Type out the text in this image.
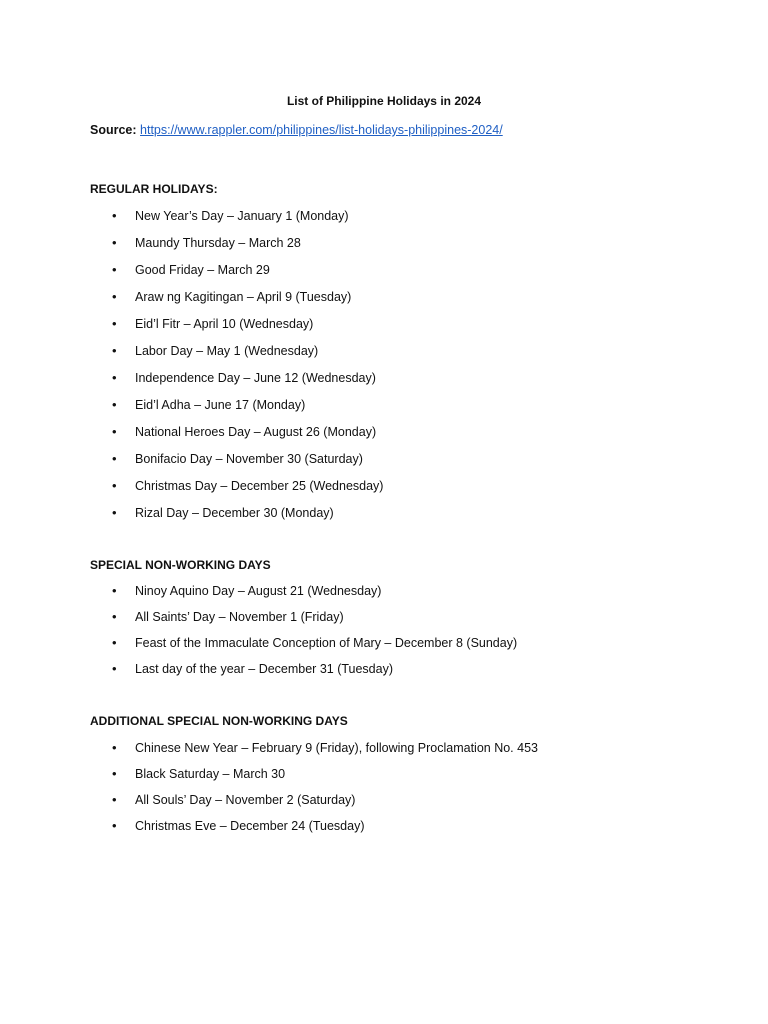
List of Philippine Holidays in 2024
Source: https://www.rappler.com/philippines/list-holidays-philippines-2024/
REGULAR HOLIDAYS:
• New Year’s Day – January 1 (Monday)
• Maundy Thursday – March 28
• Good Friday – March 29
• Araw ng Kagitingan – April 9 (Tuesday)
• Eid’l Fitr – April 10 (Wednesday)
• Labor Day – May 1 (Wednesday)
• Independence Day – June 12 (Wednesday)
• Eid’l Adha – June 17 (Monday)
• National Heroes Day – August 26 (Monday)
• Bonifacio Day – November 30 (Saturday)
• Christmas Day – December 25 (Wednesday)
• Rizal Day – December 30 (Monday)
SPECIAL NON-WORKING DAYS
• Ninoy Aquino Day – August 21 (Wednesday)
• All Saints’ Day – November 1 (Friday)
• Feast of the Immaculate Conception of Mary – December 8 (Sunday)
• Last day of the year – December 31 (Tuesday)
ADDITIONAL SPECIAL NON-WORKING DAYS
• Chinese New Year – February 9 (Friday), following Proclamation No. 453
• Black Saturday – March 30
• All Souls’ Day – November 2 (Saturday)
• Christmas Eve – December 24 (Tuesday)
